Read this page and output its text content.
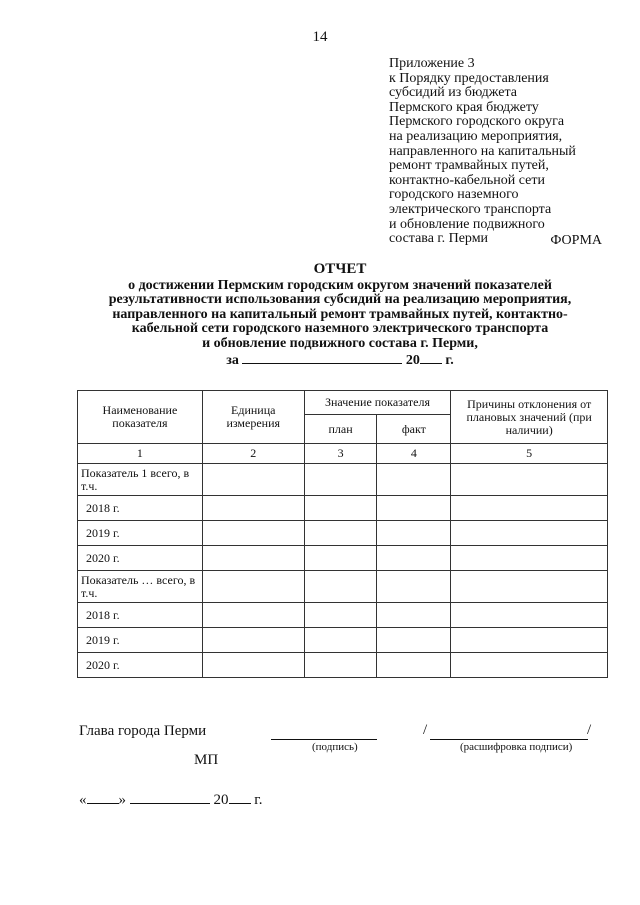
14
Приложение 3
к Порядку предоставления
субсидий из бюджета
Пермского края бюджету
Пермского городского округа
на реализацию мероприятия,
направленного на капитальный
ремонт трамвайных путей,
контактно-кабельной сети
городского наземного
электрического транспорта
и обновление подвижного
состава г. Перми	ФОРМА
ОТЧЕТ
о достижении Пермским городским округом значений показателей
результативности использования субсидий на реализацию мероприятия,
направленного на капитальный ремонт трамвайных путей, контактно-
кабельной сети городского наземного электрического транспорта
и обновление подвижного состава г. Перми,
за	20 г.
Наименование показателя	Единица измерения	Значение показателя		Причины отклонения от плановых значений (при наличии)
		план	факт	
1	2	3	4	5
Показатель 1 всего, в т.ч.				
2018 г.				
2019 г.				
2020 г.				
Показатель … всего, в т.ч.				
2018 г.				
2019 г.				
2020 г.				
Глава города Перми	/	/
(подпись)	(расшифровка подписи)
МП
« »	20 г.
